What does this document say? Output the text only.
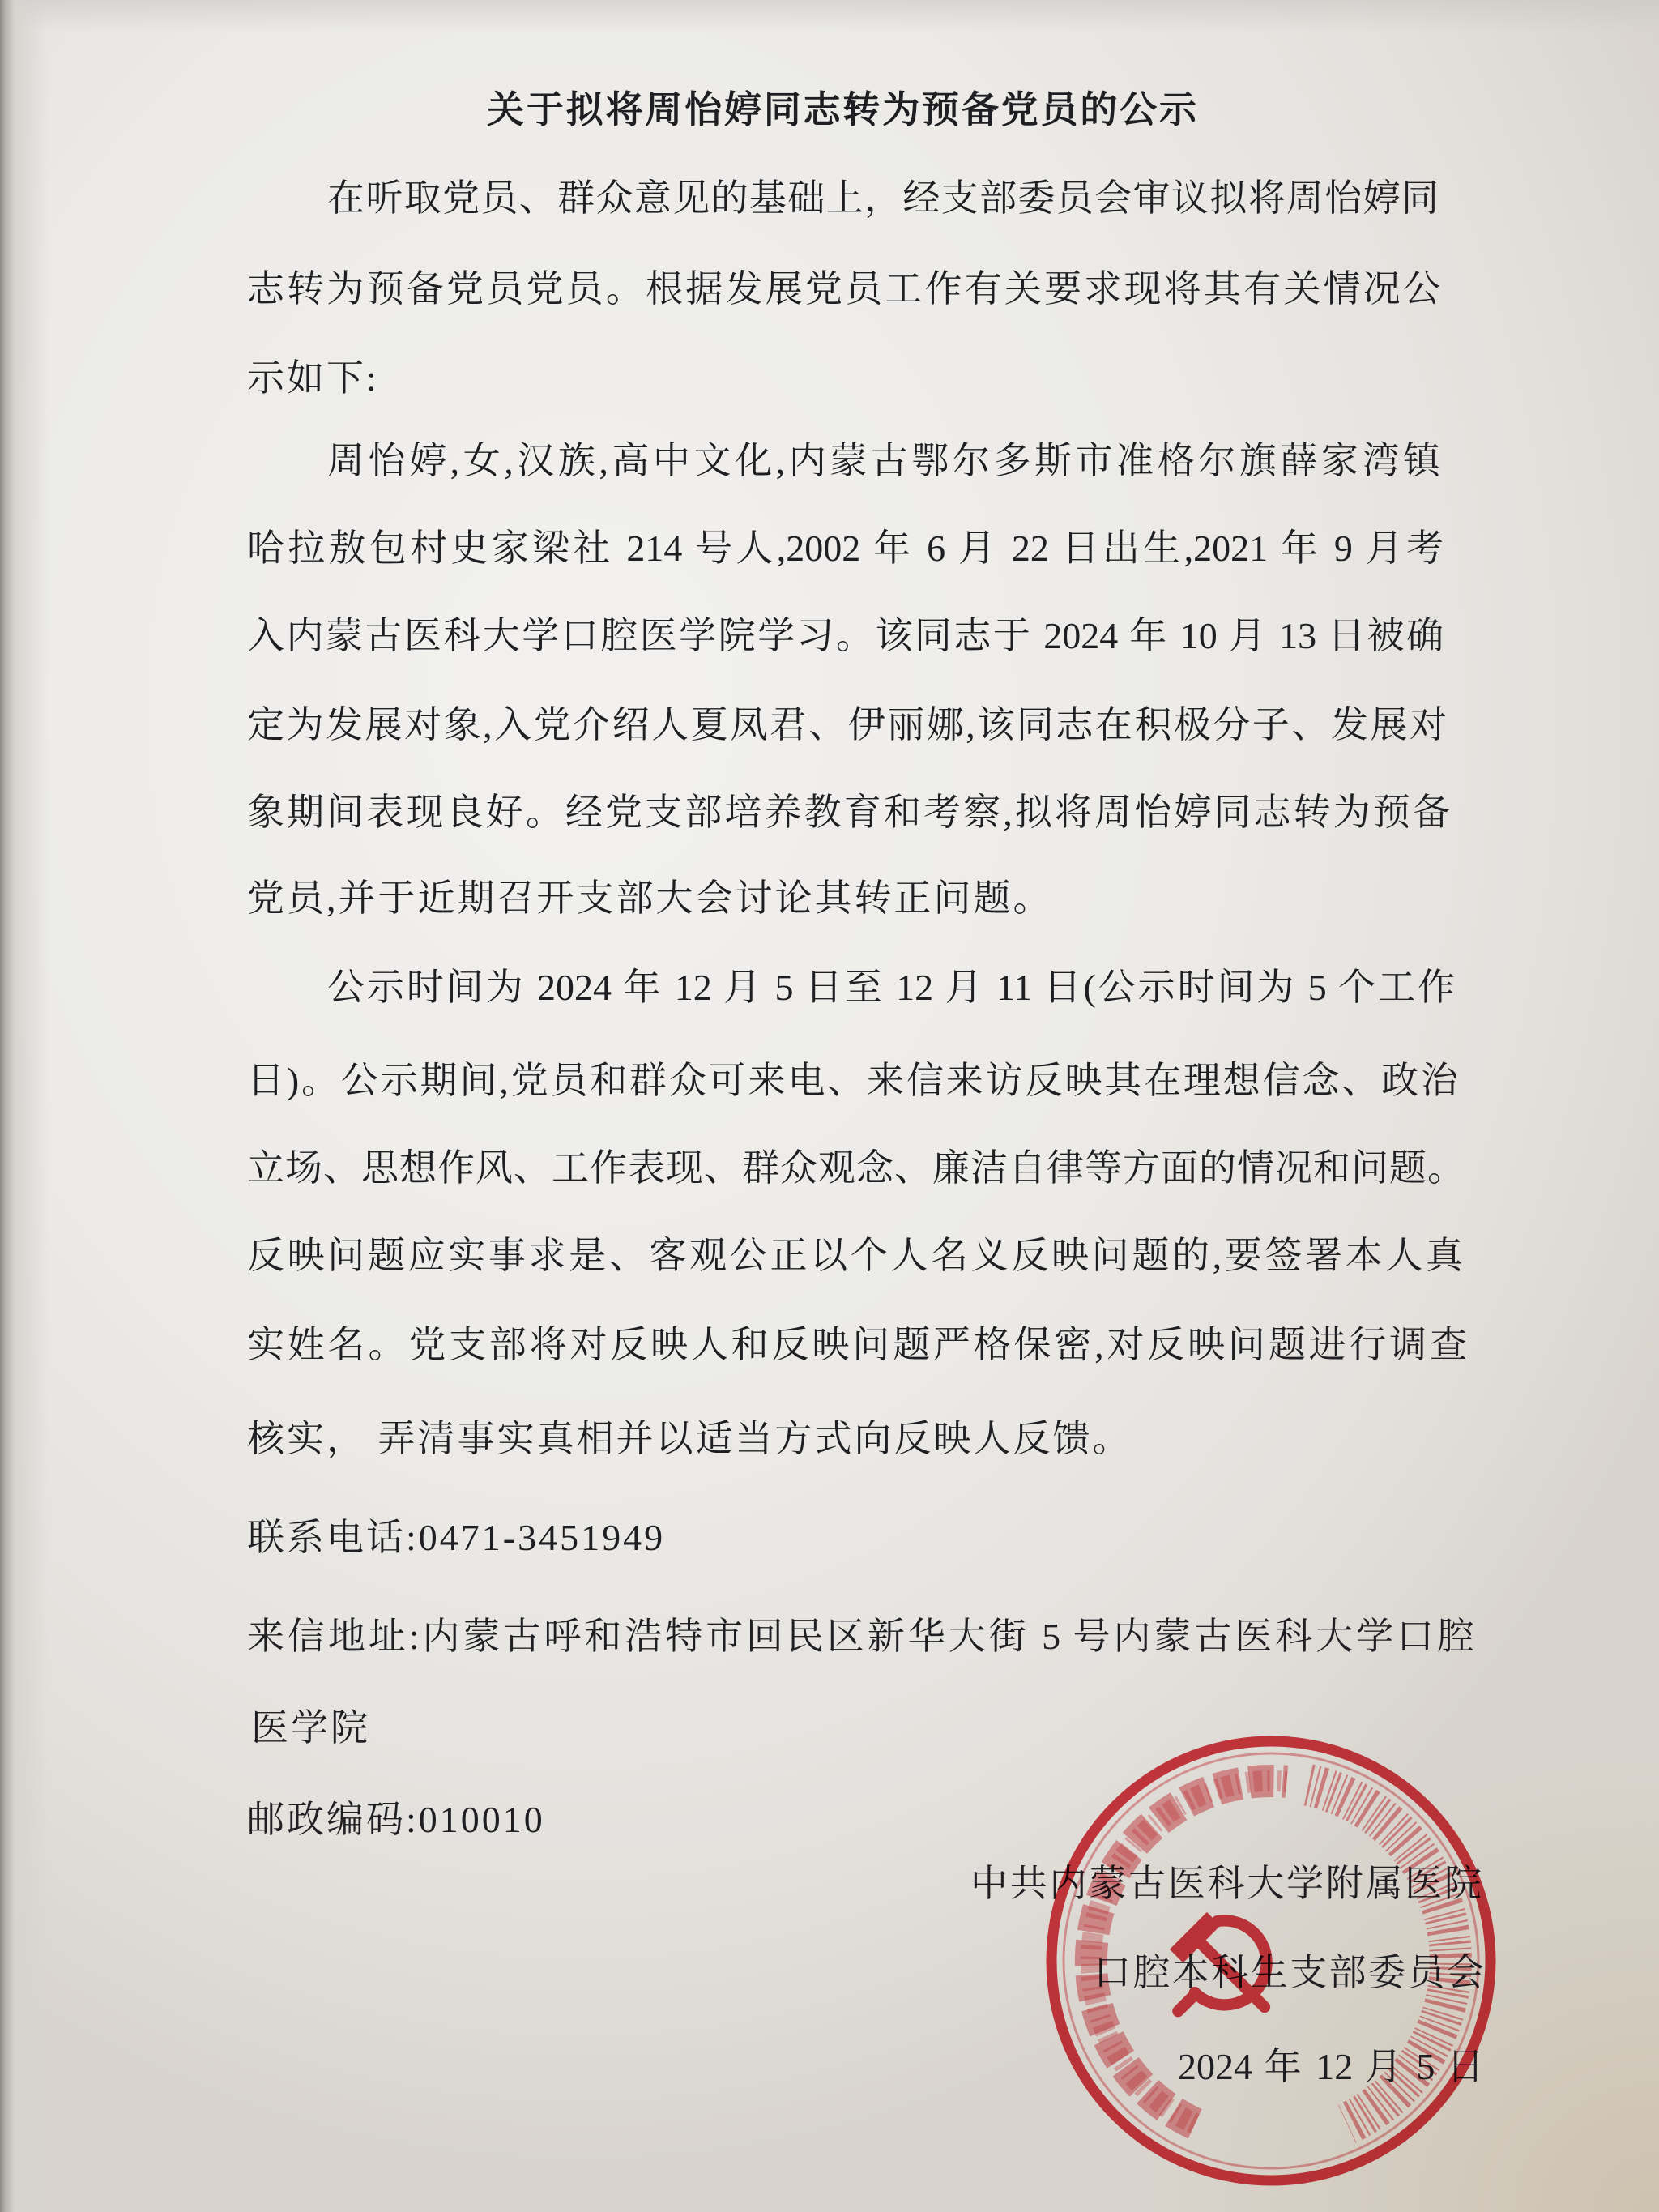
关于拟将周怡婷同志转为预备党员的公示
在听取党员、群众意见的基础上，经支部委员会审议拟将周怡婷同
志转为预备党员党员。根据发展党员工作有关要求现将其有关情况公
示如下:
周怡婷,女,汉族,高中文化,内蒙古鄂尔多斯市准格尔旗薛家湾镇
哈拉敖包村史家梁社 214 号人,2002 年 6 月 22 日出生,2021 年 9 月考
入内蒙古医科大学口腔医学院学习。该同志于 2024 年 10 月 13 日被确
定为发展对象,入党介绍人夏凤君、伊丽娜,该同志在积极分子、发展对
象期间表现良好。经党支部培养教育和考察,拟将周怡婷同志转为预备
党员,并于近期召开支部大会讨论其转正问题。
公示时间为 2024 年 12 月 5 日至 12 月 11 日(公示时间为 5 个工作
日)。公示期间,党员和群众可来电、来信来访反映其在理想信念、政治
立场、思想作风、工作表现、群众观念、廉洁自律等方面的情况和问题。
反映问题应实事求是、客观公正以个人名义反映问题的,要签署本人真
实姓名。党支部将对反映人和反映问题严格保密,对反映问题进行调查
核实， 弄清事实真相并以适当方式向反映人反馈。
联系电话:0471-3451949
来信地址:内蒙古呼和浩特市回民区新华大街 5 号内蒙古医科大学口腔
医学院
邮政编码:010010
中共内蒙古医科大学附属医院
口腔本科生支部委员会
2024 年 12 月 5 日
